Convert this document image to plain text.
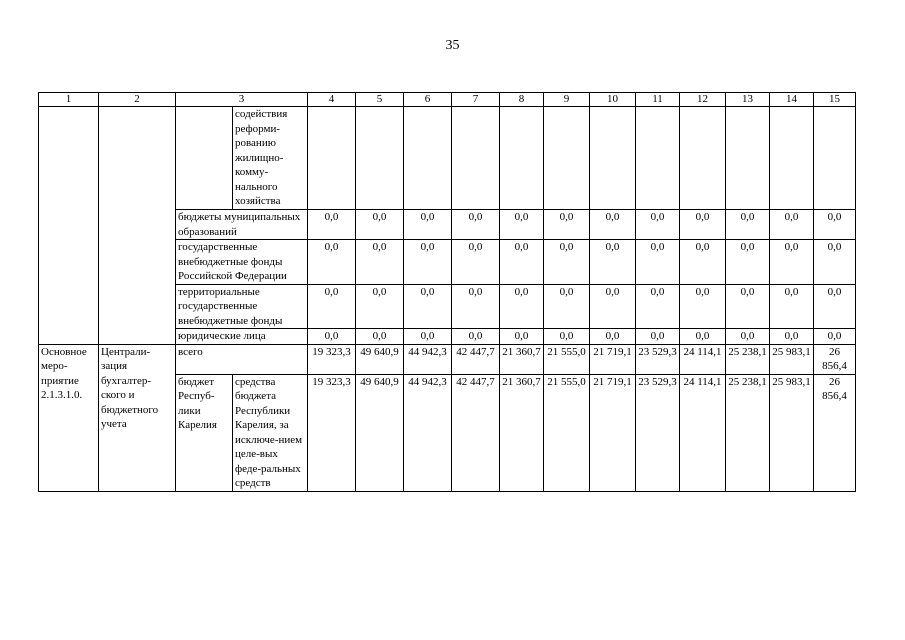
35
1	2	3		4	5	6	7	8	9	10	11	12	13	14	15
			содействия реформи-рованию жилищно-комму-нального хозяйства												
		бюджеты муниципальных образований		0,0	0,0	0,0	0,0	0,0	0,0	0,0	0,0	0,0	0,0	0,0	0,0
		государственные внебюджетные фонды Российской Федерации		0,0	0,0	0,0	0,0	0,0	0,0	0,0	0,0	0,0	0,0	0,0	0,0
		территориальные государственные внебюджетные фонды		0,0	0,0	0,0	0,0	0,0	0,0	0,0	0,0	0,0	0,0	0,0	0,0
		юридические лица		0,0	0,0	0,0	0,0	0,0	0,0	0,0	0,0	0,0	0,0	0,0	0,0
Основное меро-приятие 2.1.3.1.0.	Централи-зация бухгалтер-ского и бюджетного учета	всего		19 323,3	49 640,9	44 942,3	42 447,7	21 360,7	21 555,0	21 719,1	23 529,3	24 114,1	25 238,1	25 983,1	26 856,4
		бюджет Респуб-лики Карелия	средства бюджета Республики Карелия, за исключе-нием целе-вых феде-ральных средств	19 323,3	49 640,9	44 942,3	42 447,7	21 360,7	21 555,0	21 719,1	23 529,3	24 114,1	25 238,1	25 983,1	26 856,4
